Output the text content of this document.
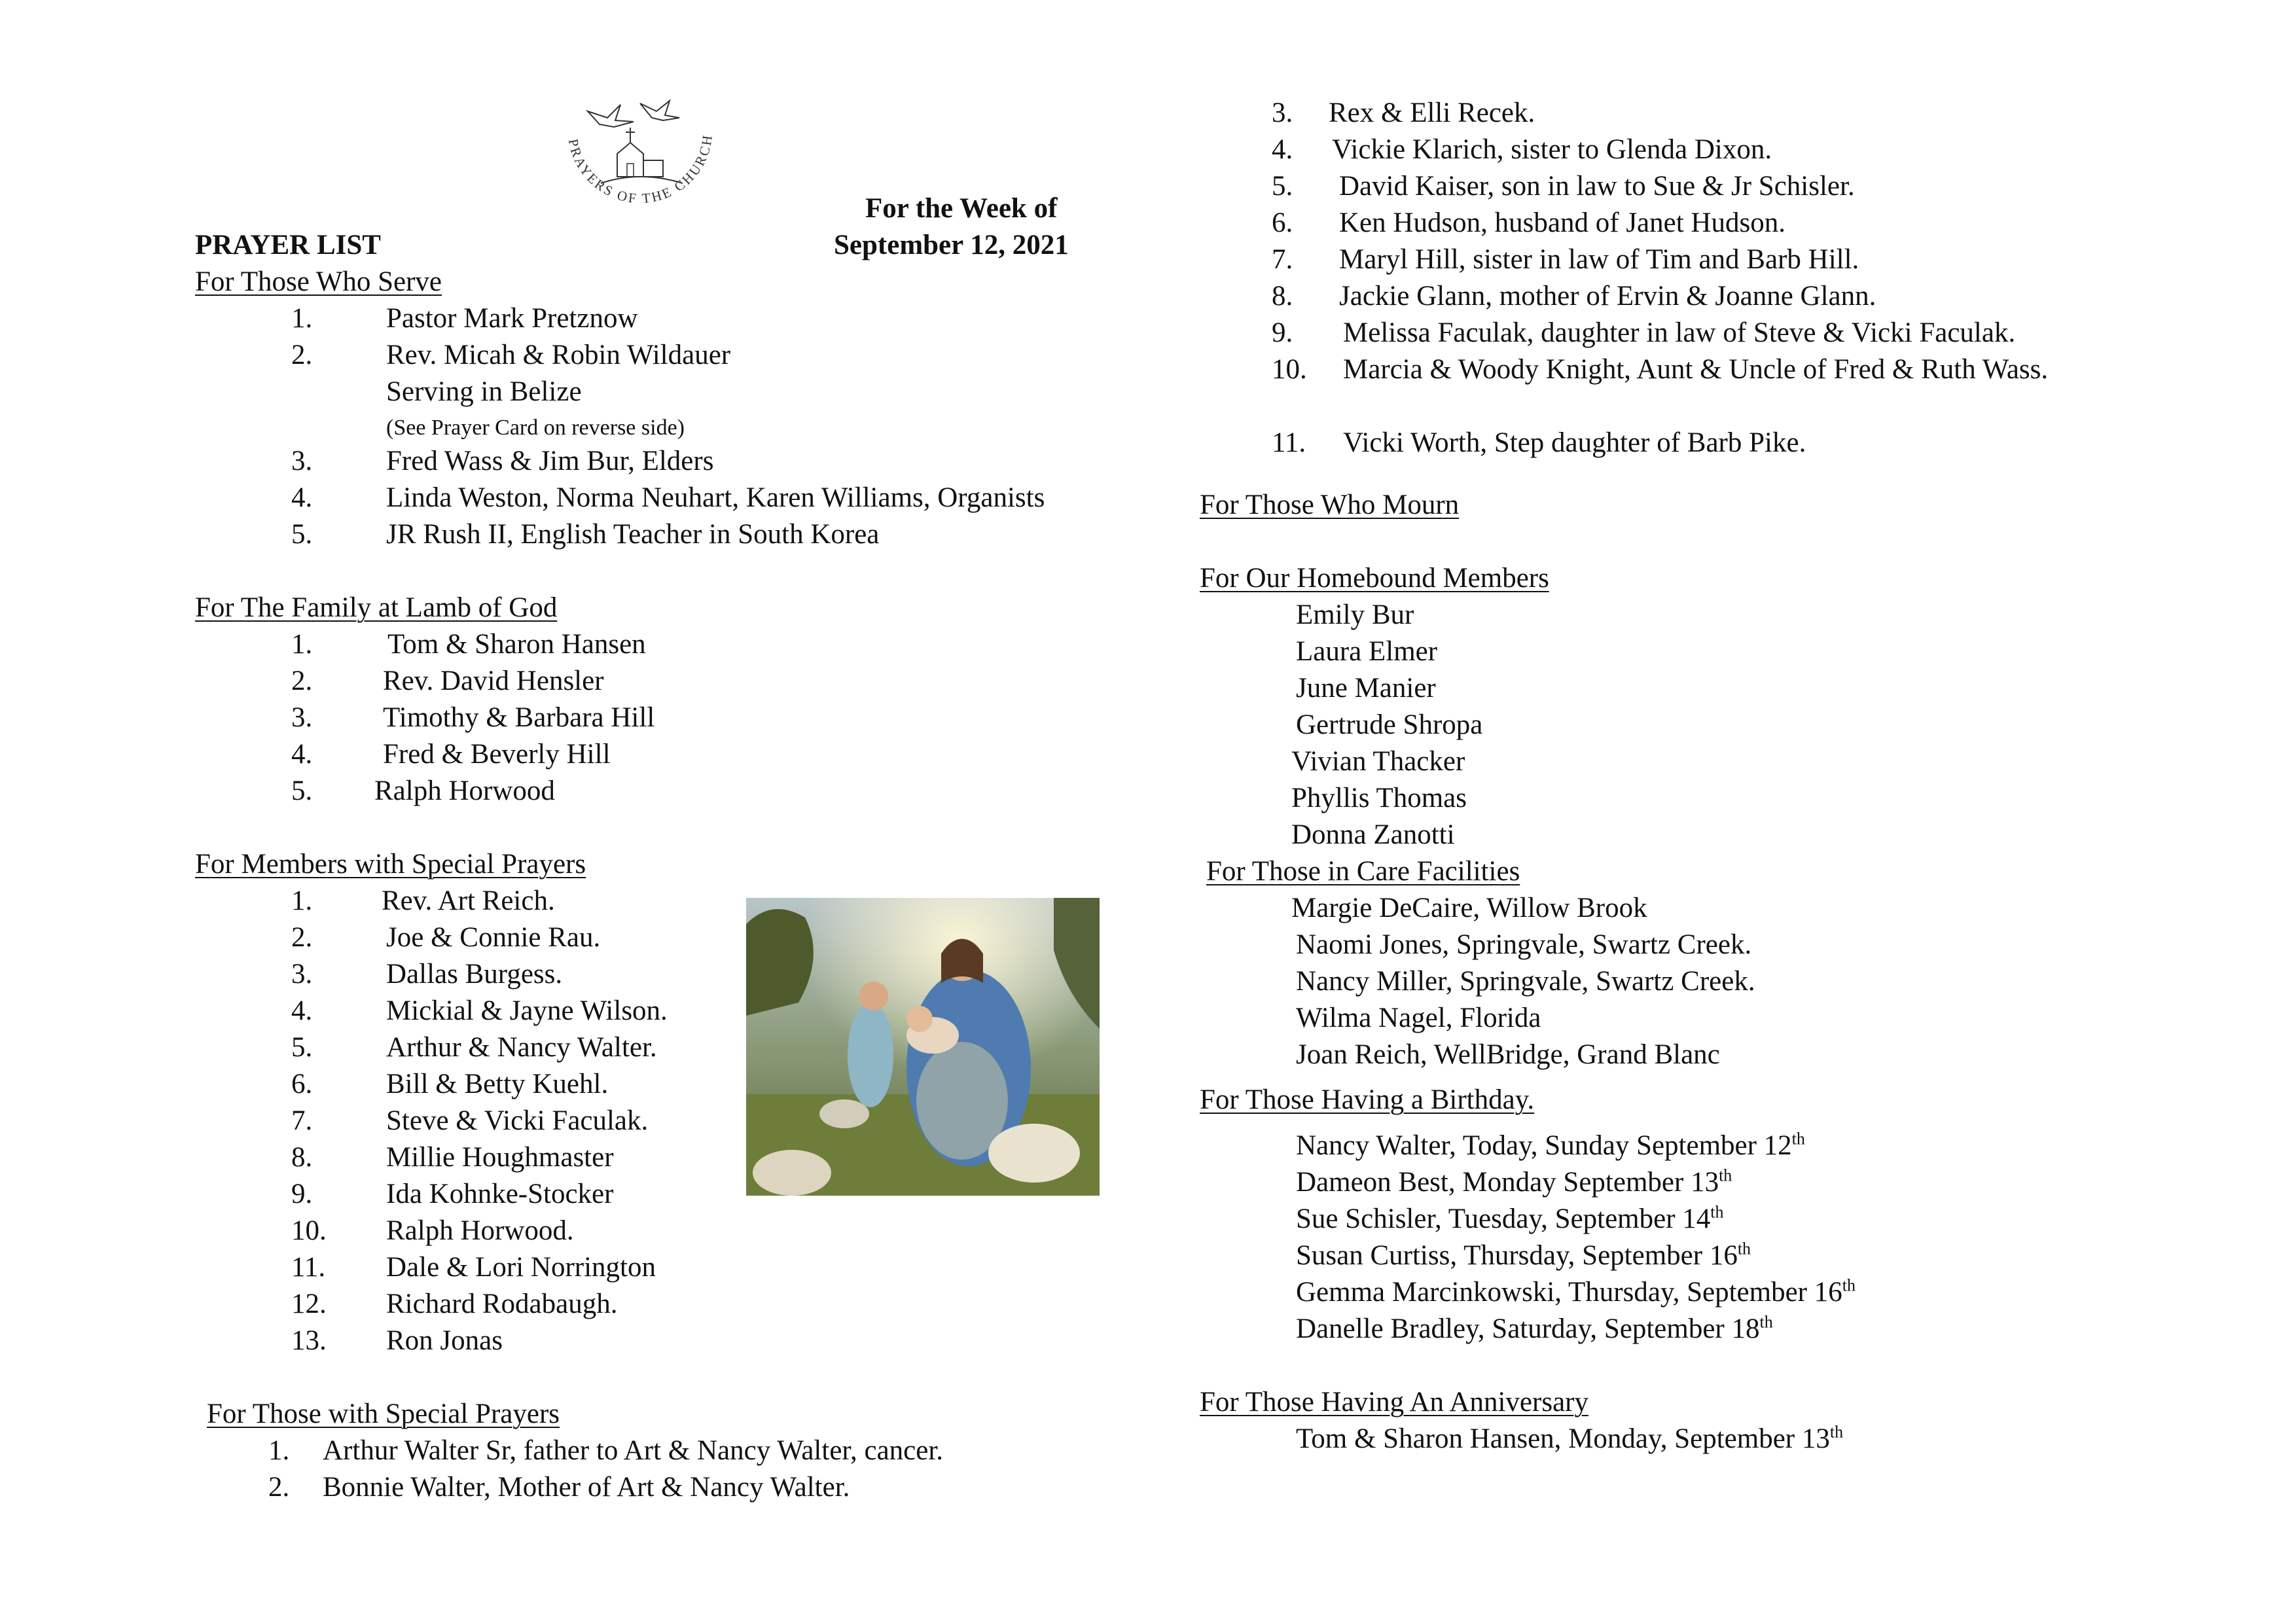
PRAYERS OF THE CHURCH
For the Week of
September 12, 2021
PRAYER LIST
For Those Who Serve
1.	Pastor Mark Pretznow
2.	Rev. Micah & Robin Wildauer
Serving in Belize
(See Prayer Card on reverse side)
3.	Fred Wass & Jim Bur, Elders
4.	Linda Weston, Norma Neuhart, Karen Williams, Organists
5.	JR Rush II, English Teacher in South Korea
For The Family at Lamb of God
1.	Tom & Sharon Hansen
2.	Rev. David Hensler
3.	Timothy & Barbara Hill
4.	Fred & Beverly Hill
5. Ralph Horwood
For Members with Special Prayers
1. Rev. Art Reich.
2.	Joe & Connie Rau.
3.	Dallas Burgess.
4.	Mickial & Jayne Wilson.
5.	Arthur & Nancy Walter.
6.	Bill & Betty Kuehl.
7.	Steve & Vicki Faculak.
8.	Millie Houghmaster
9.	Ida Kohnke-Stocker
10. Ralph Horwood.
11. Dale & Lori Norrington
12. Richard Rodabaugh.
13. Ron Jonas
For Those with Special Prayers
1. Arthur Walter Sr, father to Art & Nancy Walter, cancer.
2. Bonnie Walter, Mother of Art & Nancy Walter.
3. Rex & Elli Recek.
4. Vickie Klarich, sister to Glenda Dixon.
5. David Kaiser, son in law to Sue & Jr Schisler.
6. Ken Hudson, husband of Janet Hudson.
7. Maryl Hill, sister in law of Tim and Barb Hill.
8. Jackie Glann, mother of Ervin & Joanne Glann.
9. Melissa Faculak, daughter in law of Steve & Vicki Faculak.
10. Marcia & Woody Knight, Aunt & Uncle of Fred & Ruth Wass.
11. Vicki Worth, Step daughter of Barb Pike.
For Those Who Mourn
For Our Homebound Members
Emily Bur
Laura Elmer
June Manier
Gertrude Shropa
Vivian Thacker
Phyllis Thomas
Donna Zanotti
For Those in Care Facilities
Margie DeCaire, Willow Brook
Naomi Jones, Springvale, Swartz Creek.
Nancy Miller, Springvale, Swartz Creek.
Wilma Nagel, Florida
Joan Reich, WellBridge, Grand Blanc
For Those Having a Birthday.
Nancy Walter, Today, Sunday September 12th
Dameon Best, Monday September 13th
Sue Schisler, Tuesday, September 14th
Susan Curtiss, Thursday, September 16th
Gemma Marcinkowski, Thursday, September 16th
Danelle Bradley, Saturday, September 18th
For Those Having An Anniversary
Tom & Sharon Hansen, Monday, September 13th
